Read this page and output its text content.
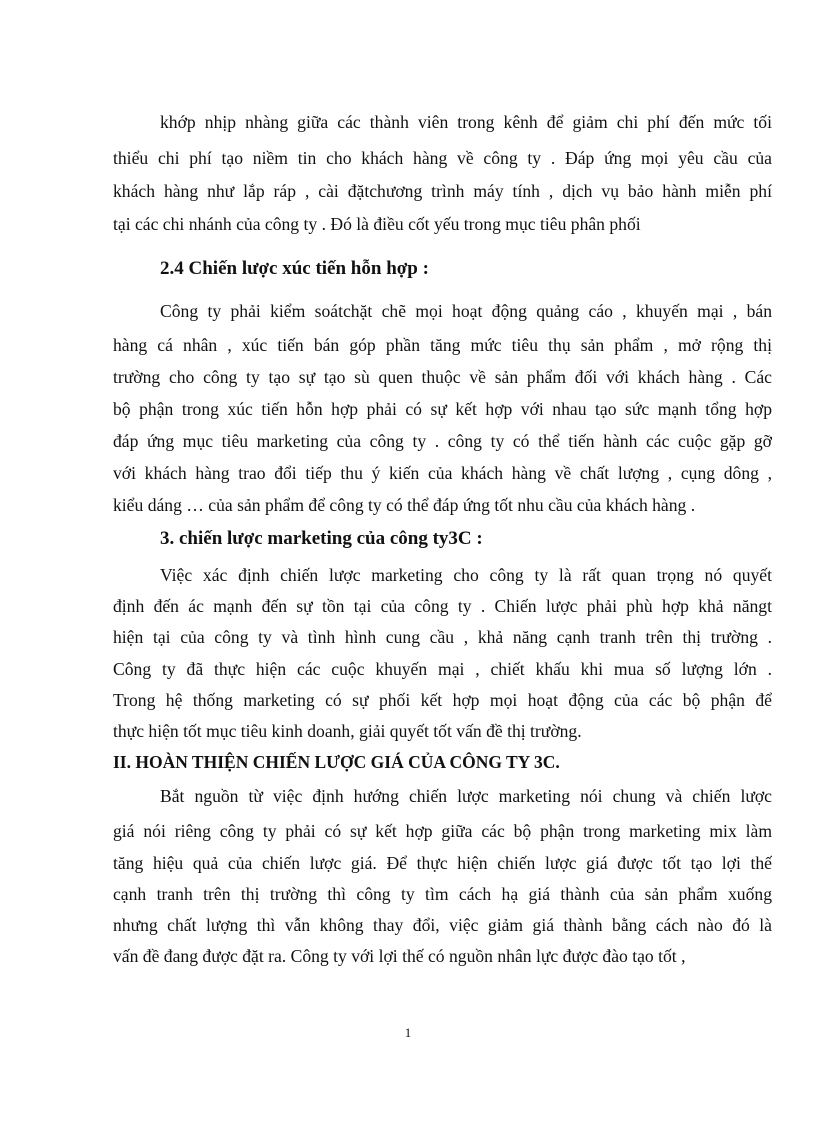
khớp nhịp nhàng giữa các thành viên trong kênh để giảm chi phí đến mức tối
thiểu chi phí tạo niềm tin cho khách hàng về công ty . Đáp ứng mọi yêu cầu của
khách hàng như lắp ráp , cài đặtchương trình máy tính , dịch vụ bảo hành miễn phí
tại các chi nhánh của công ty . Đó là điều cốt yếu trong mục tiêu phân phối
2.4 Chiến lược xúc tiến hỗn hợp :
Công ty phải kiểm soátchặt chẽ mọi hoạt động quảng cáo , khuyến mại , bán
hàng cá nhân , xúc tiến bán góp phần tăng mức tiêu thụ sản phẩm , mở rộng thị
trường cho công ty tạo sự tạo sù quen thuộc về sản phẩm đối với khách hàng . Các
bộ phận trong xúc tiến hỗn hợp phải có sự kết hợp với nhau tạo sức mạnh tổng hợp
đáp ứng mục tiêu marketing của công ty . công ty có thể tiến hành các cuộc gặp gỡ
với khách hàng trao đổi tiếp thu ý kiến của khách hàng về chất lượng , cụng dông ,
kiểu dáng … của sản phẩm để công ty có thể đáp ứng tốt nhu cầu của khách hàng .
3. chiến lược marketing của công ty3C :
Việc xác định chiến lược marketing cho công ty là rất quan trọng nó quyết
định đến ác mạnh đến sự tồn tại của công ty . Chiến lược phải phù hợp khả năngt
hiện tại của công ty và tình hình cung cầu , khả năng cạnh tranh trên thị trường .
Công ty đã thực hiện các cuộc khuyến mại , chiết khấu khi mua số lượng lớn .
Trong hệ thống marketing có sự phối kết hợp mọi hoạt động của các bộ phận để
thực hiện tốt mục tiêu kinh doanh, giải quyết tốt vấn đề thị trường.
II. HOÀN THIỆN CHIẾN LƯỢC GIÁ CỦA CÔNG TY 3C.
Bắt nguồn từ việc định hướng chiến lược marketing nói chung và chiến lược
giá nói riêng công ty phải có sự kết hợp giữa các bộ phận trong marketing mix làm
tăng hiệu quả của chiến lược giá. Để thực hiện chiến lược giá được tốt tạo lợi thế
cạnh tranh trên thị trường thì công ty tìm cách hạ giá thành của sản phẩm xuống
nhưng chất lượng thì vẫn không thay đổi, việc giảm giá thành bằng cách nào đó là
vấn đề đang được đặt ra. Công ty với lợi thế có nguồn nhân lực được đào tạo tốt ,
1
